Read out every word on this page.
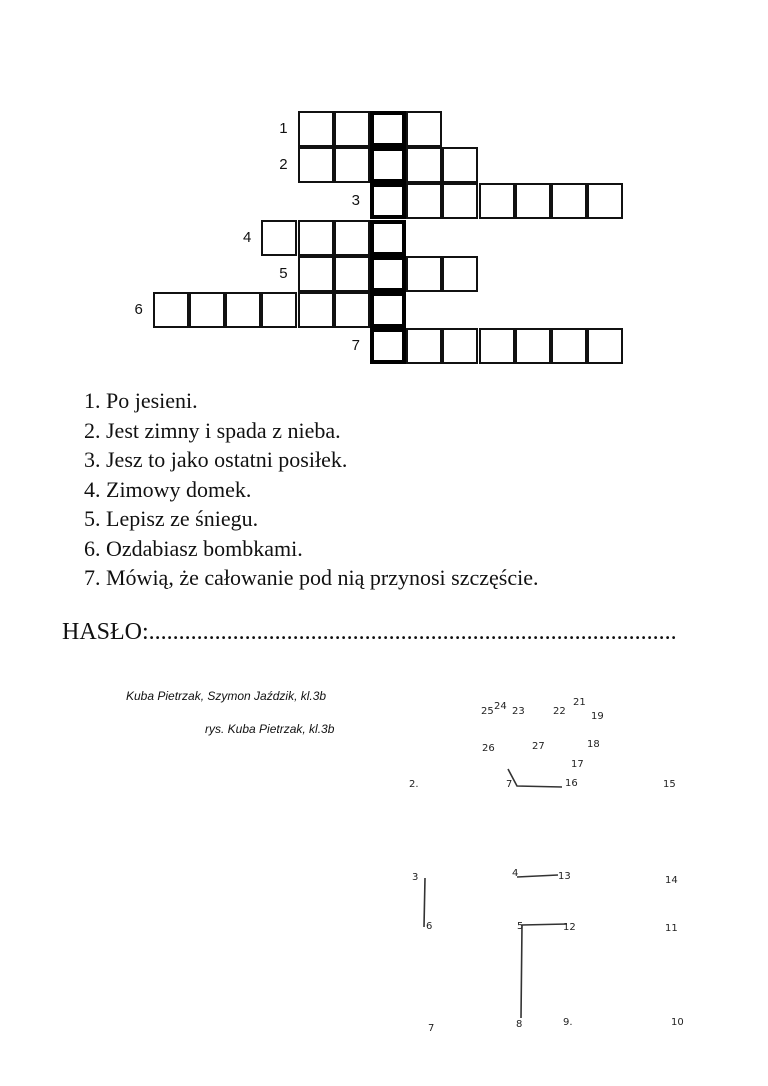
1
2
3
4
5
6
7
1. Po jesieni.
2. Jest zimny i spada z nieba.
3. Jesz to jako ostatni posiłek.
4. Zimowy domek.
5. Lepisz ze śniegu.
6. Ozdabiasz bombkami.
7. Mówią, że całowanie pod nią przynosi szczęście.
HASŁO:........................................................................................
Kuba Pietrzak, Szymon Jaździk, kl.3b
rys. Kuba Pietrzak, kl.3b
25 24 23
21
22	19
26	27	18
17
7	16
2.	15
3	4	13	14
6	5	12	11
7	8	9.	10
